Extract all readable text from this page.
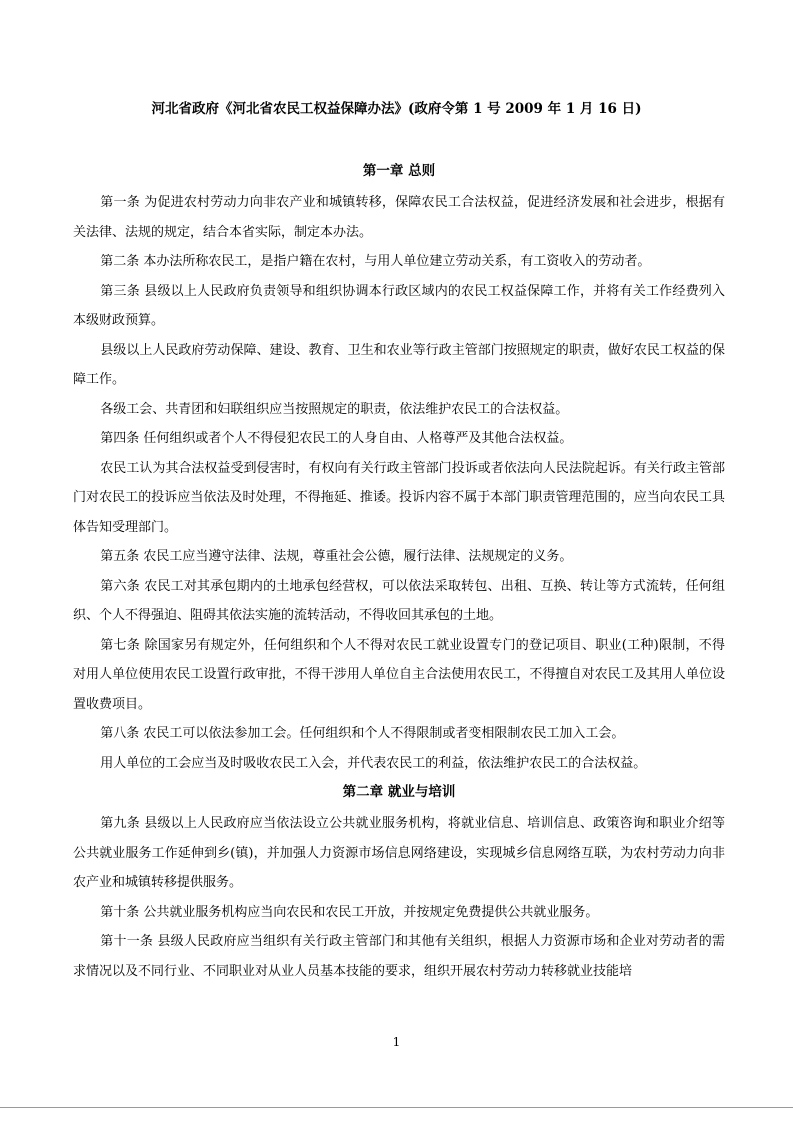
河北省政府《河北省农民工权益保障办法》(政府令第 1 号 2009 年 1 月 16 日)
第一章 总则

第一条 为促进农村劳动力向非农产业和城镇转移，保障农民工合法权益，促进经济发展和社会进步，根据有关法律、法规的规定，结合本省实际，制定本办法。

第二条 本办法所称农民工，是指户籍在农村，与用人单位建立劳动关系，有工资收入的劳动者。

第三条 县级以上人民政府负责领导和组织协调本行政区域内的农民工权益保障工作，并将有关工作经费列入本级财政预算。

县级以上人民政府劳动保障、建设、教育、卫生和农业等行政主管部门按照规定的职责，做好农民工权益的保障工作。

各级工会、共青团和妇联组织应当按照规定的职责，依法维护农民工的合法权益。

第四条 任何组织或者个人不得侵犯农民工的人身自由、人格尊严及其他合法权益。

农民工认为其合法权益受到侵害时，有权向有关行政主管部门投诉或者依法向人民法院起诉。有关行政主管部门对农民工的投诉应当依法及时处理，不得拖延、推诿。投诉内容不属于本部门职责管理范围的，应当向农民工具体告知受理部门。

第五条 农民工应当遵守法律、法规，尊重社会公德，履行法律、法规规定的义务。

第六条 农民工对其承包期内的土地承包经营权，可以依法采取转包、出租、互换、转让等方式流转，任何组织、个人不得强迫、阻碍其依法实施的流转活动，不得收回其承包的土地。

第七条 除国家另有规定外，任何组织和个人不得对农民工就业设置专门的登记项目、职业(工种)限制，不得对用人单位使用农民工设置行政审批，不得干涉用人单位自主合法使用农民工，不得擅自对农民工及其用人单位设置收费项目。

第八条 农民工可以依法参加工会。任何组织和个人不得限制或者变相限制农民工加入工会。

用人单位的工会应当及时吸收农民工入会，并代表农民工的利益，依法维护农民工的合法权益。

第二章 就业与培训

第九条 县级以上人民政府应当依法设立公共就业服务机构，将就业信息、培训信息、政策咨询和职业介绍等公共就业服务工作延伸到乡(镇)，并加强人力资源市场信息网络建设，实现城乡信息网络互联，为农村劳动力向非农产业和城镇转移提供服务。

第十条 公共就业服务机构应当向农民和农民工开放，并按规定免费提供公共就业服务。

第十一条 县级人民政府应当组织有关行政主管部门和其他有关组织，根据人力资源市场和企业对劳动者的需求情况以及不同行业、不同职业对从业人员基本技能的要求，组织开展农村劳动力转移就业技能培

1
